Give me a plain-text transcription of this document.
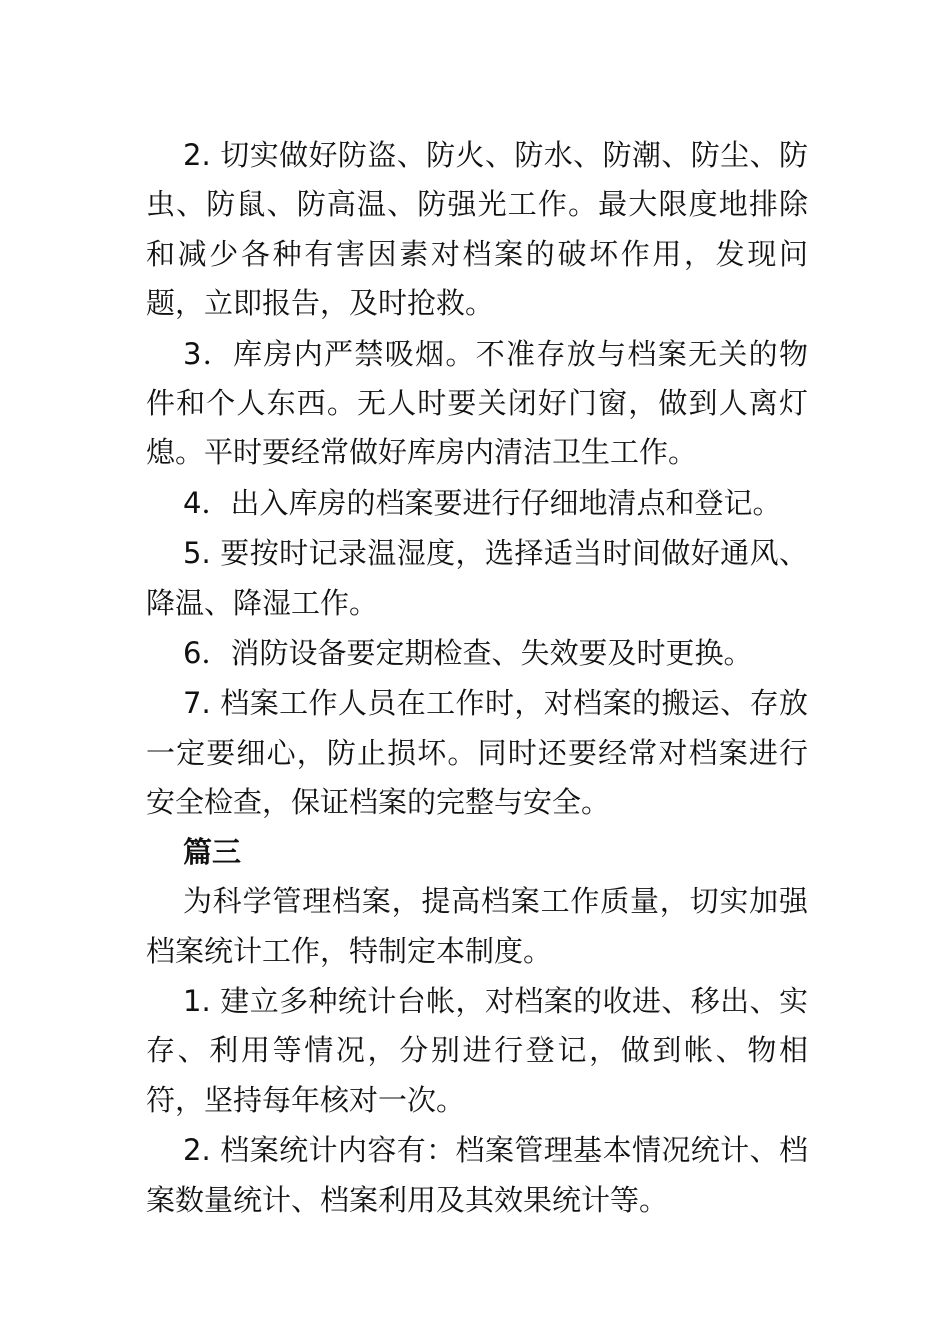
2. 切实做好防盗、防火、防水、防潮、防尘、防虫、防鼠、防高温、防强光工作。最大限度地排除和减少各种有害因素对档案的破坏作用，发现问题，立即报告，及时抢救。

3．库房内严禁吸烟。不准存放与档案无关的物件和个人东西。无人时要关闭好门窗，做到人离灯熄。平时要经常做好库房内清洁卫生工作。

4．出入库房的档案要进行仔细地清点和登记。

5. 要按时记录温湿度，选择适当时间做好通风、降温、降湿工作。

6．消防设备要定期检查、失效要及时更换。

7. 档案工作人员在工作时，对档案的搬运、存放一定要细心，防止损坏。同时还要经常对档案进行安全检查，保证档案的完整与安全。

篇三

为科学管理档案，提高档案工作质量，切实加强档案统计工作，特制定本制度。

1. 建立多种统计台帐，对档案的收进、移出、实存、利用等情况，分别进行登记，做到帐、物相符，坚持每年核对一次。

2. 档案统计内容有：档案管理基本情况统计、档案数量统计、档案利用及其效果统计等。
